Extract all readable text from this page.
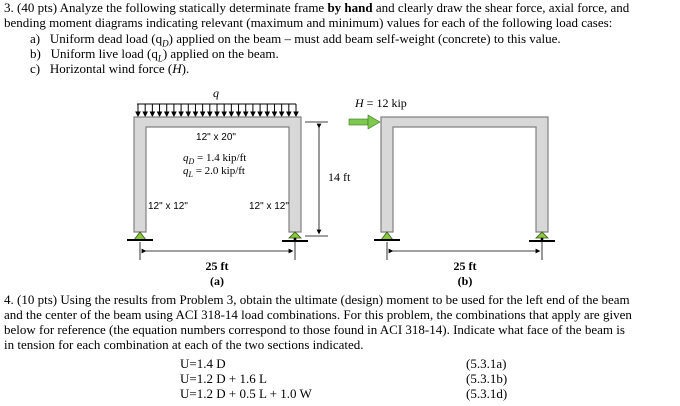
3. (40 pts) Analyze the following statically determinate frame by hand and clearly draw the shear force, axial force, and
bending moment diagrams indicating relevant (maximum and minimum) values for each of the following load cases:
a) Uniform dead load $(q_D)$ applied on the beam – must add beam self-weight (concrete) to this value.
b) Uniform live load $(q_L)$ applied on the beam.
c) Horizontal wind force (H).
q
12" x 20"
$q_D = 1.4$ kip/ft
$q_L = 2.0$ kip/ft
12" x 12"	12" x 12"
14 ft
25 ft
(a)
H = 12 kip
25 ft
(b)
4. (10 pts) Using the results from Problem 3, obtain the ultimate (design) moment to be used for the left end of the beam
and the center of the beam using ACI 318-14 load combinations. For this problem, the combinations that apply are given
below for reference (the equation numbers correspond to those found in ACI 318-14). Indicate what face of the beam is
in tension for each combination at each of the two sections indicated.
U=1.4 D	(5.3.1a)
U=1.2 D + 1.6 L	(5.3.1b)
U=1.2 D + 0.5 L + 1.0 W	(5.3.1d)
